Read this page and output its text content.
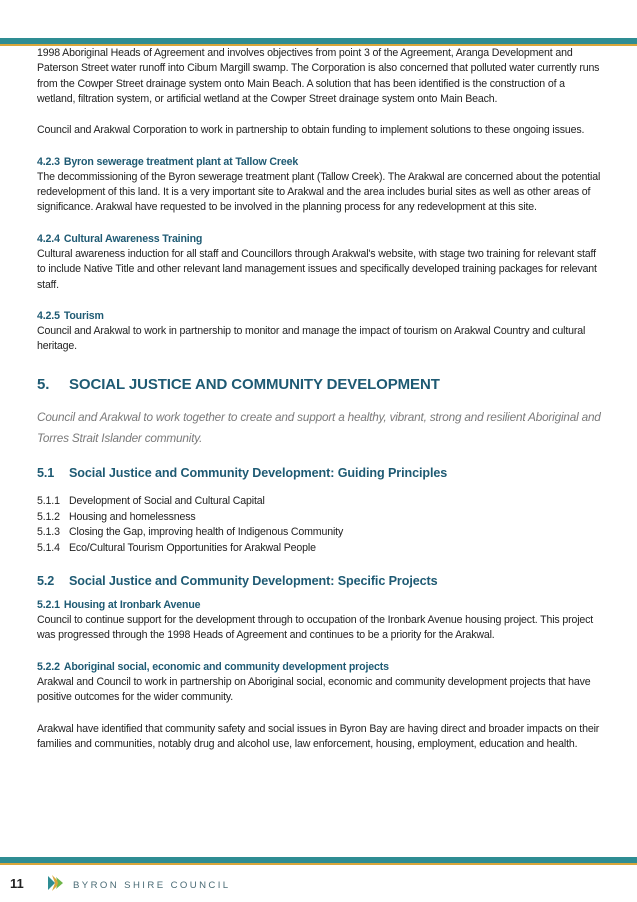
1998 Aboriginal Heads of Agreement and involves objectives from point 3 of the Agreement, Aranga Development and Paterson Street water runoff into Cibum Margill swamp. The Corporation is also concerned that polluted water currently runs from the Cowper Street drainage system onto Main Beach. A solution that has been identified is the construction of a wetland, filtration system, or artificial wetland at the Cowper Street drainage system onto Main Beach.

Council and Arakwal Corporation to work in partnership to obtain funding to implement solutions to these ongoing issues.

4.2.3 Byron sewerage treatment plant at Tallow Creek

The decommissioning of the Byron sewerage treatment plant (Tallow Creek). The Arakwal are concerned about the potential redevelopment of this land. It is a very important site to Arakwal and the area includes burial sites as well as other areas of significance. Arakwal have requested to be involved in the planning process for any redevelopment at this site.

4.2.4 Cultural Awareness Training

Cultural awareness induction for all staff and Councillors through Arakwal's website, with stage two training for relevant staff to include Native Title and other relevant land management issues and specifically developed training packages for relevant staff.

4.2.5 Tourism

Council and Arakwal to work in partnership to monitor and manage the impact of tourism on Arakwal Country and cultural heritage.

5. SOCIAL JUSTICE AND COMMUNITY DEVELOPMENT

Council and Arakwal to work together to create and support a healthy, vibrant, strong and resilient Aboriginal and Torres Strait Islander community.

5.1 Social Justice and Community Development: Guiding Principles
5.1.1 Development of Social and Cultural Capital
5.1.2 Housing and homelessness
5.1.3 Closing the Gap, improving health of Indigenous Community
5.1.4 Eco/Cultural Tourism Opportunities for Arakwal People
5.2 Social Justice and Community Development: Specific Projects
5.2.1 Housing at Ironbark Avenue

Council to continue support for the development through to occupation of the Ironbark Avenue housing project. This project was progressed through the 1998 Heads of Agreement and continues to be a priority for the Arakwal.

5.2.2 Aboriginal social, economic and community development projects

Arakwal and Council to work in partnership on Aboriginal social, economic and community development projects that have positive outcomes for the wider community.

Arakwal have identified that community safety and social issues in Byron Bay are having direct and broader impacts on their families and communities, notably drug and alcohol use, law enforcement, housing, employment, education and health.

11	BYRON SHIRE COUNCIL
